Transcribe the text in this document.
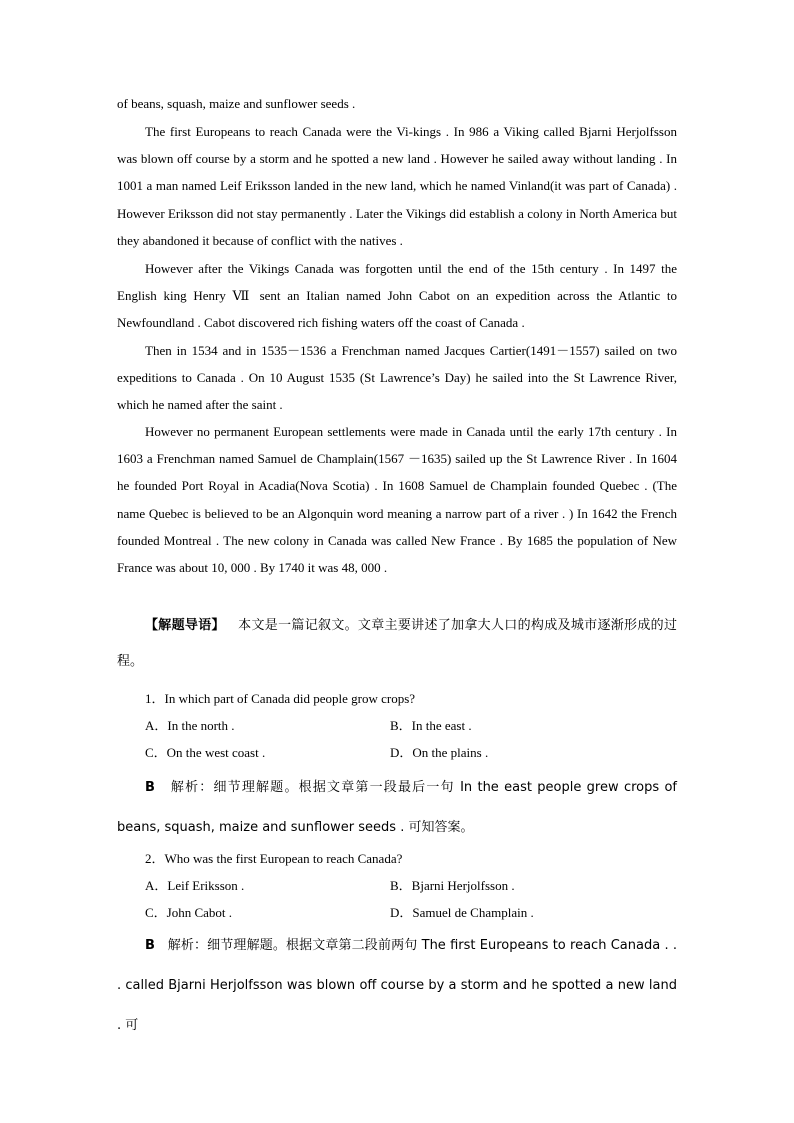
of beans, squash, maize and sunflower seeds .

The first Europeans to reach Canada were the Vi-kings . In 986 a Viking called Bjarni Herjolfsson was blown off course by a storm and he spotted a new land . However he sailed away without landing . In 1001 a man named Leif Eriksson landed in the new land, which he named Vinland(it was part of Canada) . However Eriksson did not stay permanently . Later the Vikings did establish a colony in North America but they abandoned it because of conflict with the natives .

However after the Vikings Canada was forgotten until the end of the 15th century . In 1497 the English king Henry Ⅶ sent an Italian named John Cabot on an expedition across the Atlantic to Newfoundland . Cabot discovered rich fishing waters off the coast of Canada .

Then in 1534 and in 1535－1536 a Frenchman named Jacques Cartier(1491－1557) sailed on two expeditions to Canada . On 10 August 1535 (St Lawrence’s Day) he sailed into the St Lawrence River, which he named after the saint .

However no permanent European settlements were made in Canada until the early 17th century . In 1603 a Frenchman named Samuel de Champlain(1567 －1635) sailed up the St Lawrence River . In 1604 he founded Port Royal in Acadia(Nova Scotia) . In 1608 Samuel de Champlain founded Quebec . (The name Quebec is believed to be an Algonquin word meaning a narrow part of a river . ) In 1642 the French founded Montreal . The new colony in Canada was called New France . By 1685 the population of New France was about 10, 000 . By 1740 it was 48, 000 .

【解题导语】 本文是一篇记叙文。文章主要讲述了加拿大人口的构成及城市逐渐形成的过程。

1．In which part of Canada did people grow crops?
A．In the north .	B．In the east .
C．On the west coast .	D．On the plains .

B 解析：细节理解题。根据文章第一段最后一句 In the east people grew crops of beans, squash, maize and sunflower seeds . 可知答案。

2．Who was the first European to reach Canada?
A．Leif Eriksson .	B．Bjarni Herjolfsson .
C．John Cabot .	D．Samuel de Champlain .

B 解析：细节理解题。根据文章第二段前两句 The first Europeans to reach Canada . . . called Bjarni Herjolfsson was blown off course by a storm and he spotted a new land . 可
